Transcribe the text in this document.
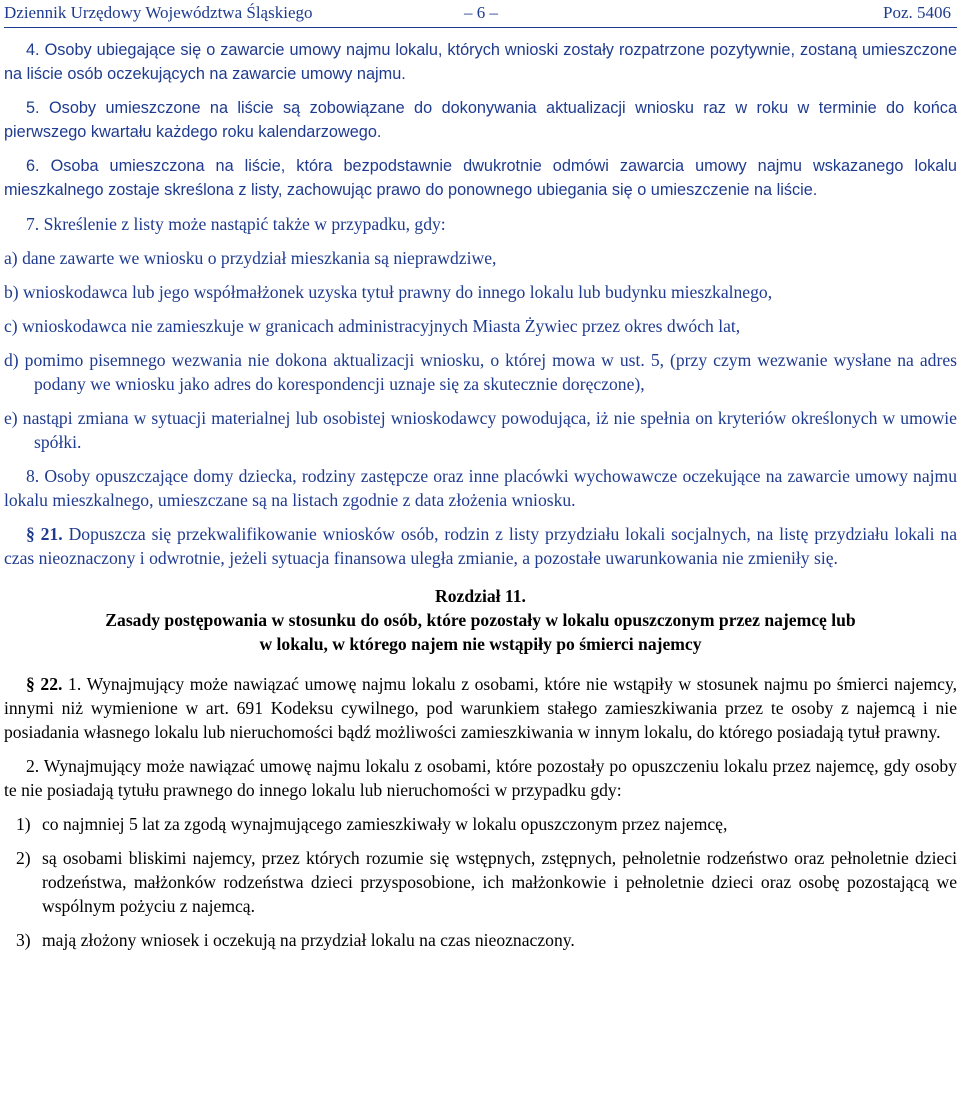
Dziennik Urzędowy Województwa Śląskiego	– 6 –	Poz. 5406

4. Osoby ubiegające się o zawarcie umowy najmu lokalu, których wnioski zostały rozpatrzone pozytywnie, zostaną umieszczone na liście osób oczekujących na zawarcie umowy najmu.

5. Osoby umieszczone na liście są zobowiązane do dokonywania aktualizacji wniosku raz w roku w terminie do końca pierwszego kwartału każdego roku kalendarzowego.

6. Osoba umieszczona na liście, która bezpodstawnie dwukrotnie odmówi zawarcia umowy najmu wskazanego lokalu mieszkalnego zostaje skreślona z listy, zachowując prawo do ponownego ubiegania się o umieszczenie na liście.

7. Skreślenie z listy może nastąpić także w przypadku, gdy:

a) dane zawarte we wniosku o przydział mieszkania są nieprawdziwe,

b) wnioskodawca lub jego współmałżonek uzyska tytuł prawny do innego lokalu lub budynku mieszkalnego,

c) wnioskodawca nie zamieszkuje w granicach administracyjnych Miasta Żywiec przez okres dwóch lat,

d) pomimo pisemnego wezwania nie dokona aktualizacji wniosku, o której mowa w ust. 5, (przy czym wezwanie wysłane na adres podany we wniosku jako adres do korespondencji uznaje się za skutecznie doręczone),

e) nastąpi zmiana w sytuacji materialnej lub osobistej wnioskodawcy powodująca, iż nie spełnia on kryteriów określonych w umowie spółki.

8. Osoby opuszczające domy dziecka, rodziny zastępcze oraz inne placówki wychowawcze oczekujące na zawarcie umowy najmu lokalu mieszkalnego, umieszczane są na listach zgodnie z data złożenia wniosku.

§ 21. Dopuszcza się przekwalifikowanie wniosków osób, rodzin z listy przydziału lokali socjalnych, na listę przydziału lokali na czas nieoznaczony i odwrotnie, jeżeli sytuacja finansowa uległa zmianie, a pozostałe uwarunkowania nie zmieniły się.

Rozdział 11.

Zasady postępowania w stosunku do osób, które pozostały w lokalu opuszczonym przez najemcę lub

w lokalu, w którego najem nie wstąpiły po śmierci najemcy

§ 22. 1. Wynajmujący może nawiązać umowę najmu lokalu z osobami, które nie wstąpiły w stosunek najmu po śmierci najemcy, innymi niż wymienione w art. 691 Kodeksu cywilnego, pod warunkiem stałego zamieszkiwania przez te osoby z najemcą i nie posiadania własnego lokalu lub nieruchomości bądź możliwości zamieszkiwania w innym lokalu, do którego posiadają tytuł prawny.

2. Wynajmujący może nawiązać umowę najmu lokalu z osobami, które pozostały po opuszczeniu lokalu przez najemcę, gdy osoby te nie posiadają tytułu prawnego do innego lokalu lub nieruchomości w przypadku gdy:

1) co najmniej 5 lat za zgodą wynajmującego zamieszkiwały w lokalu opuszczonym przez najemcę,
2) są osobami bliskimi najemcy, przez których rozumie się wstępnych, zstępnych, pełnoletnie rodzeństwo oraz pełnoletnie dzieci rodzeństwa, małżonków rodzeństwa dzieci przysposobione, ich małżonkowie i pełnoletnie dzieci oraz osobę pozostającą we wspólnym pożyciu z najemcą.
3) mają złożony wniosek i oczekują na przydział lokalu na czas nieoznaczony.
